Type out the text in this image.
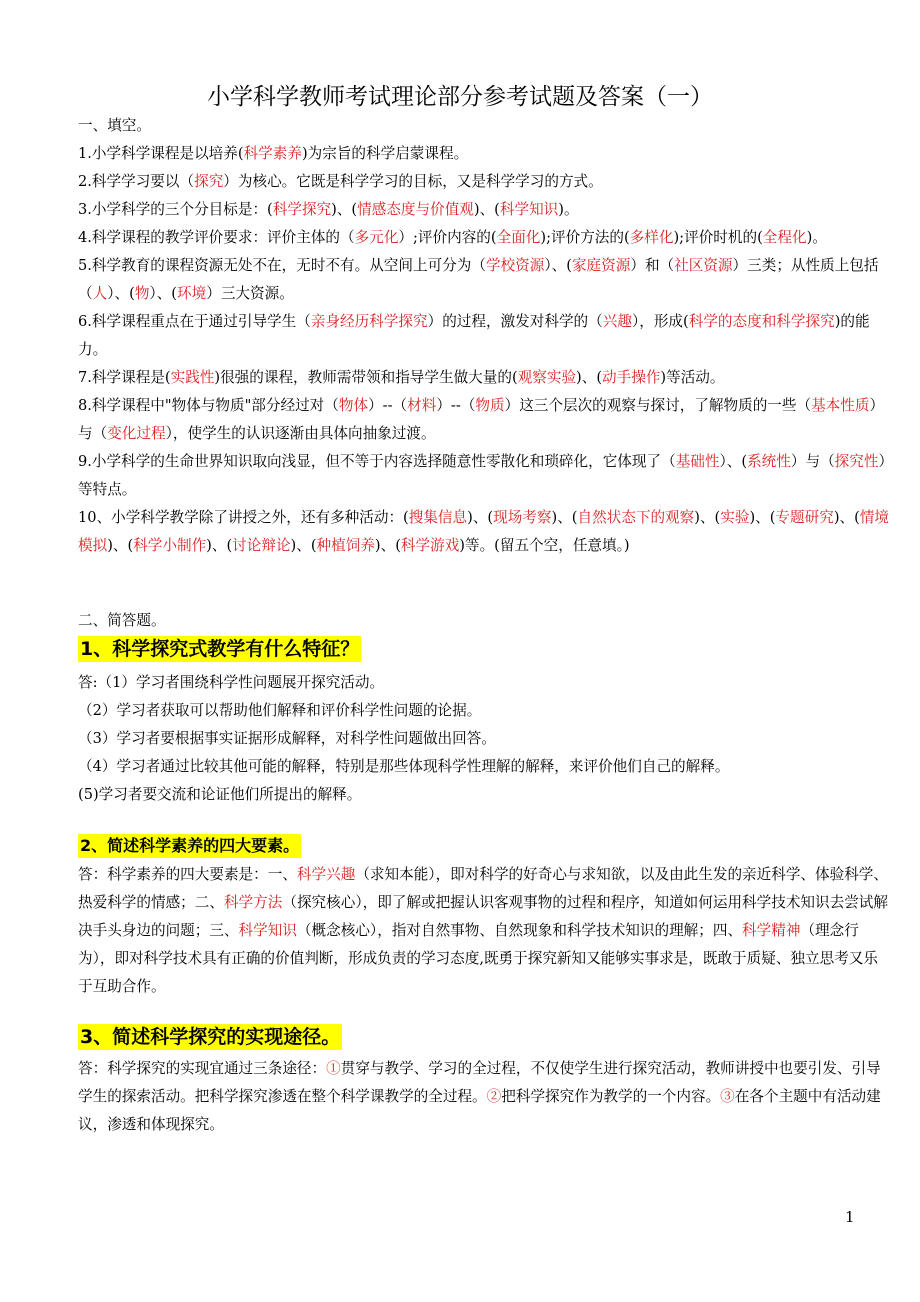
小学科学教师考试理论部分参考试题及答案（一）
一、填空。
1.小学科学课程是以培养(科学素养)为宗旨的科学启蒙课程。
2.科学学习要以（探究）为核心。它既是科学学习的目标，又是科学学习的方式。
3.小学科学的三个分目标是：(科学探究)、(情感态度与价值观)、(科学知识)。
4.科学课程的教学评价要求：评价主体的（多元化）;评价内容的(全面化);评价方法的(多样化);评价时机的(全程化)。
5.科学教育的课程资源无处不在，无时不有。从空间上可分为（学校资源）、(家庭资源）和（社区资源）三类；从性质上包括（人）、(物）、(环境）三大资源。
6.科学课程重点在于通过引导学生（亲身经历科学探究）的过程，激发对科学的（兴趣），形成(科学的态度和科学探究)的能力。
7.科学课程是(实践性)很强的课程，教师需带领和指导学生做大量的(观察实验)、(动手操作)等活动。
8.科学课程中"物体与物质"部分经过对（物体）--（材料）--（物质）这三个层次的观察与探讨，了解物质的一些（基本性质）与（变化过程），使学生的认识逐渐由具体向抽象过渡。
9.小学科学的生命世界知识取向浅显，但不等于内容选择随意性零散化和琐碎化，它体现了（基础性）、(系统性）与（探究性）等特点。
10、小学科学教学除了讲授之外，还有多种活动：(搜集信息)、(现场考察)、(自然状态下的观察)、(实验)、(专题研究)、(情境模拟)、(科学小制作)、(讨论辩论)、(种植饲养)、(科学游戏)等。(留五个空，任意填。)
二、简答题。
1、科学探究式教学有什么特征？
答:（1）学习者围绕科学性问题展开探究活动。
（2）学习者获取可以帮助他们解释和评价科学性问题的论据。
（3）学习者要根据事实证据形成解释，对科学性问题做出回答。
（4）学习者通过比较其他可能的解释，特别是那些体现科学性理解的解释，来评价他们自己的解释。
(5)学习者要交流和论证他们所提出的解释。
2、简述科学素养的四大要素。
答：科学素养的四大要素是：一、科学兴趣（求知本能），即对科学的好奇心与求知欲，以及由此生发的亲近科学、体验科学、热爱科学的情感；二、科学方法（探究核心），即了解或把握认识客观事物的过程和程序，知道如何运用科学技术知识去尝试解决手头身边的问题；三、科学知识（概念核心），指对自然事物、自然现象和科学技术知识的理解；四、科学精神（理念行为），即对科学技术具有正确的价值判断，形成负责的学习态度,既勇于探究新知又能够实事求是，既敢于质疑、独立思考又乐于互助合作。
3、简述科学探究的实现途径。
答：科学探究的实现宜通过三条途径：①贯穿与教学、学习的全过程，不仅使学生进行探究活动，教师讲授中也要引发、引导学生的探索活动。把科学探究渗透在整个科学课教学的全过程。②把科学探究作为教学的一个内容。③在各个主题中有活动建议，渗透和体现探究。
1
